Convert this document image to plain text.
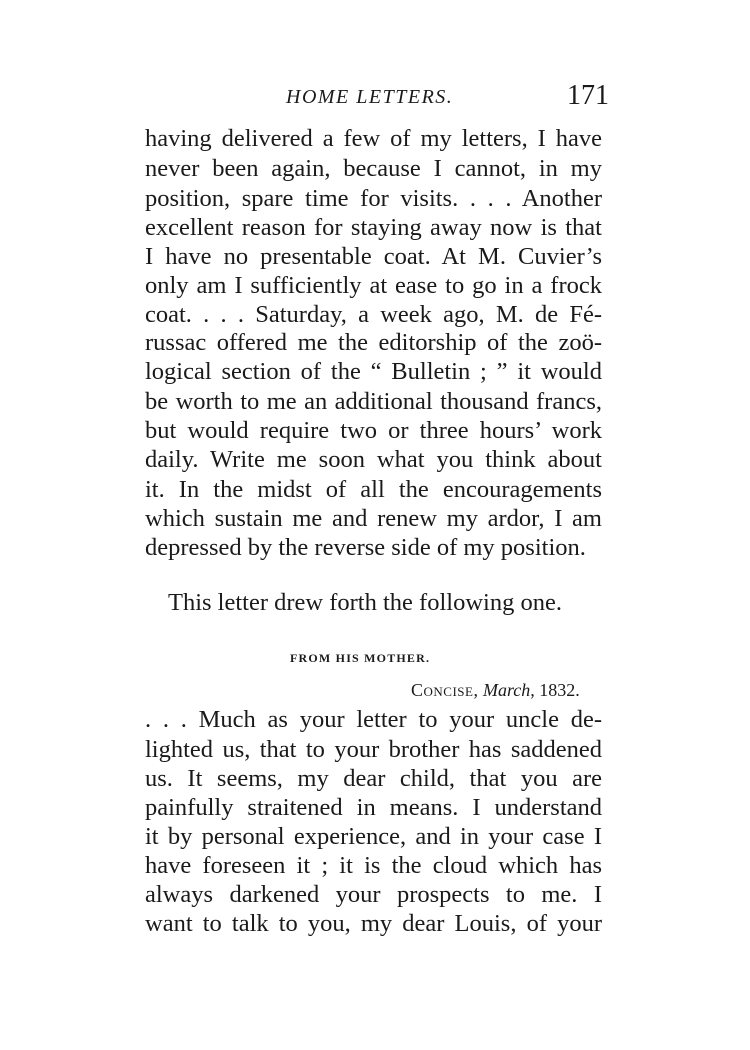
HOME LETTERS.	171
having delivered a few of my letters, I have
never been again, because I cannot, in my
position, spare time for visits. . . . Another
excellent reason for staying away now is that
I have no presentable coat. At M. Cuvier’s
only am I sufficiently at ease to go in a frock
coat. . . . Saturday, a week ago, M. de Fé-
russac offered me the editorship of the zoö-
logical section of the “ Bulletin ; ” it would
be worth to me an additional thousand francs,
but would require two or three hours’ work
daily. Write me soon what you think about
it. In the midst of all the encouragements
which sustain me and renew my ardor, I am
depressed by the reverse side of my position.
This letter drew forth the following one.
FROM HIS MOTHER.
Concise, March, 1832.
. . . Much as your letter to your uncle de-
lighted us, that to your brother has saddened
us. It seems, my dear child, that you are
painfully straitened in means. I understand
it by personal experience, and in your case I
have foreseen it ; it is the cloud which has
always darkened your prospects to me. I
want to talk to you, my dear Louis, of your
